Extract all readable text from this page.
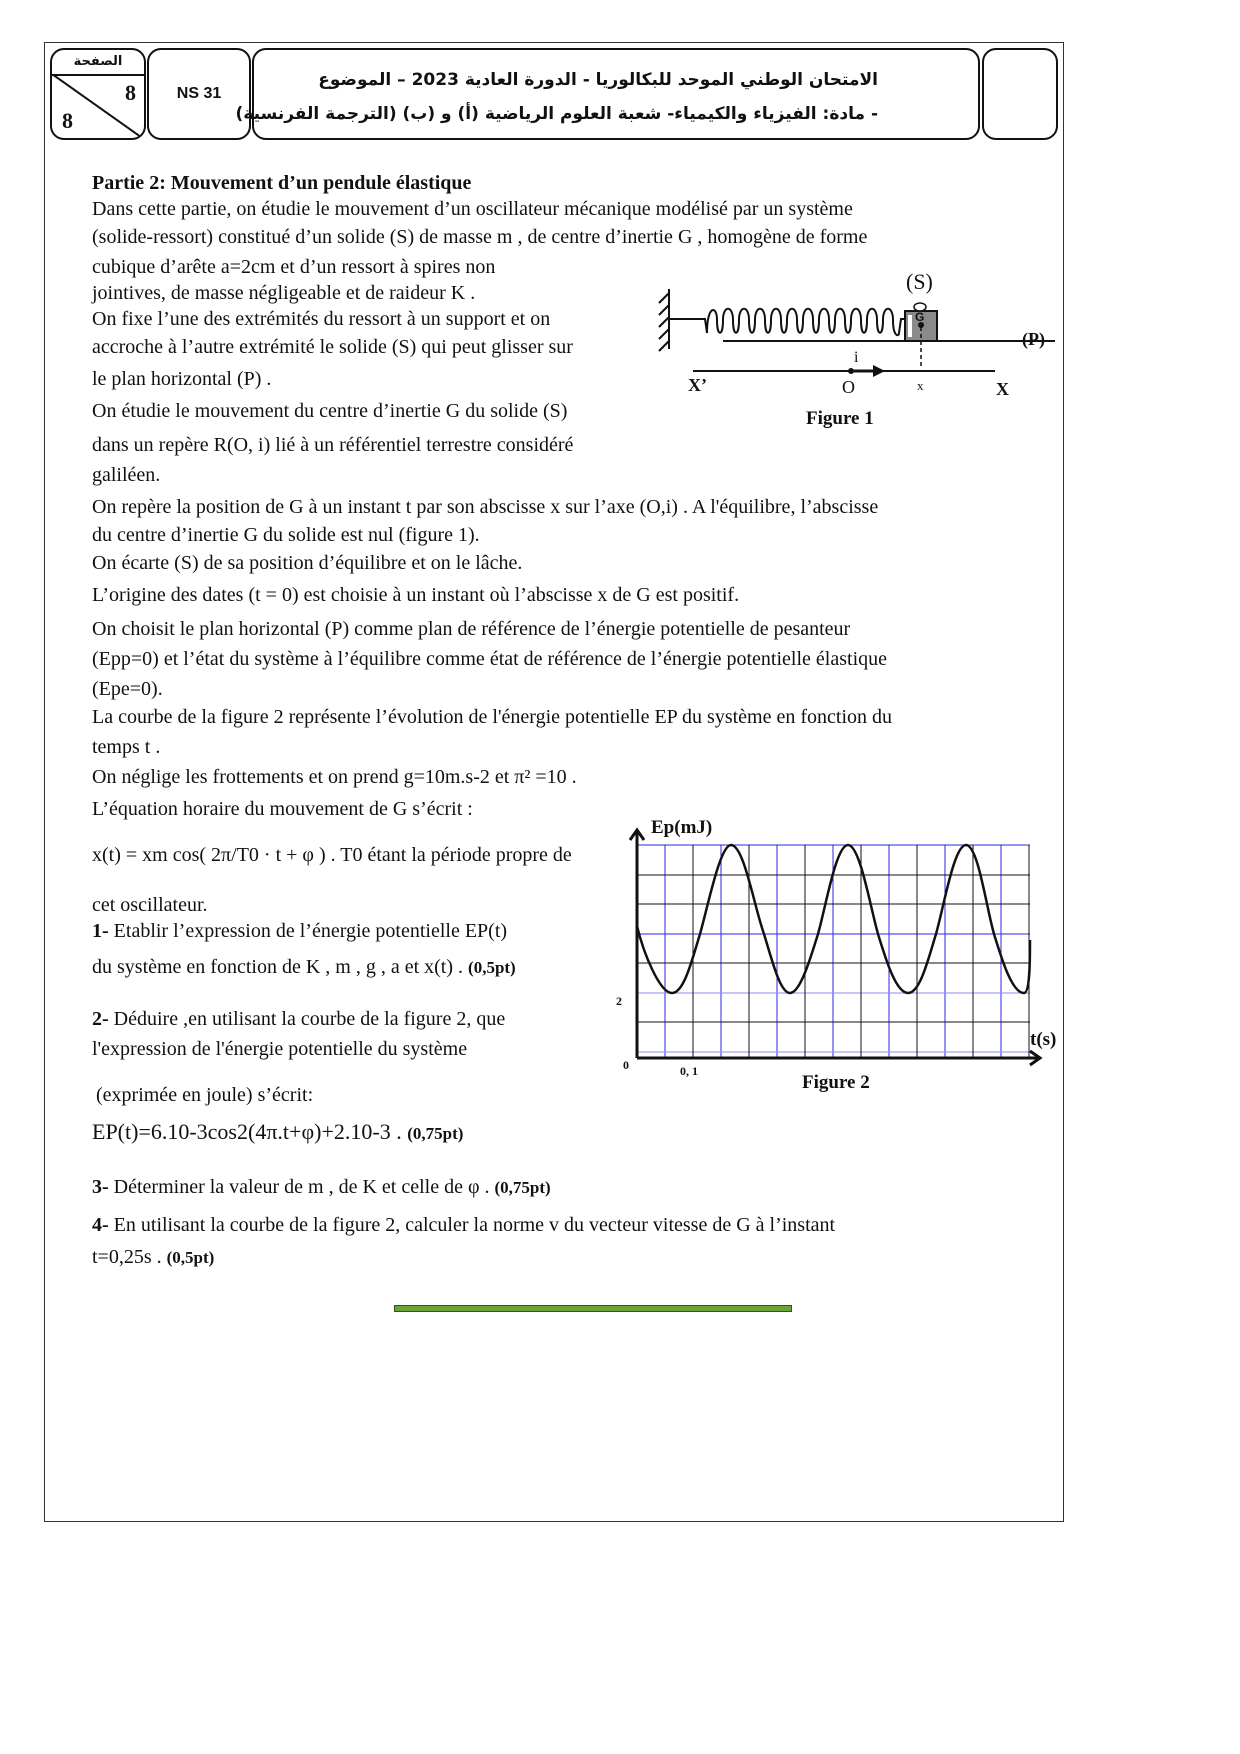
الصفحة
8
8
NS 31
الامتحان الوطني الموحد للبكالوريا - الدورة العادية 2023 – الموضوع
- مادة: الفيزياء والكيمياء- شعبة العلوم الرياضية (أ) و (ب) (الترجمة الفرنسية)
Partie 2: Mouvement d’un pendule élastique
Dans cette partie, on étudie le mouvement d’un oscillateur mécanique modélisé par un système
(solide-ressort) constitué d’un solide (S) de masse m , de centre d’inertie G , homogène de forme
cubique d’arête a=2cm et d’un ressort à spires non
jointives, de masse négligeable et de raideur K .
On fixe l’une des extrémités du ressort à un support et on
accroche à l’autre extrémité le solide (S) qui peut glisser sur
le plan horizontal (P) .
On étudie le mouvement du centre d’inertie G du solide (S)
dans un repère R(O, i) lié à un référentiel terrestre considéré
galiléen.
On repère la position de G à un instant t par son abscisse x sur l’axe (O,i) . A l'équilibre, l’abscisse
du centre d’inertie G du solide est nul (figure 1).
On écarte (S) de sa position d’équilibre et on le lâche.
L’origine des dates (t = 0) est choisie à un instant où l’abscisse x de G est positif.
On choisit le plan horizontal (P) comme plan de référence de l’énergie potentielle de pesanteur
(Epp=0) et l’état du système à l’équilibre comme état de référence de l’énergie potentielle élastique
(Epe=0).
La courbe de la figure 2 représente l’évolution de l'énergie potentielle EP du système en fonction du
temps t .
On néglige les frottements et on prend g=10m.s-2 et π² =10 .
L’équation horaire du mouvement de G s’écrit :
x(t) = xm cos( 2π/T0 · t + φ ) . T0 étant la période propre de
cet oscillateur.
1- Etablir l’expression de l’énergie potentielle EP(t)
du système en fonction de K , m , g , a et x(t) . (0,5pt)
2- Déduire ,en utilisant la courbe de la figure 2, que
l'expression de l'énergie potentielle du système
(exprimée en joule) s’écrit:
EP(t)=6.10-3cos2(4π.t+φ)+2.10-3 . (0,75pt)
3- Déterminer la valeur de m , de K et celle de φ . (0,75pt)
4- En utilisant la courbe de la figure 2, calculer la norme v du vecteur vitesse de G à l’instant
t=0,25s . (0,5pt)
(S)
G
(P)
i
X’	O	x	X
Figure 1
Ep(mJ)
t(s)
0
2
0, 1
Figure 2
